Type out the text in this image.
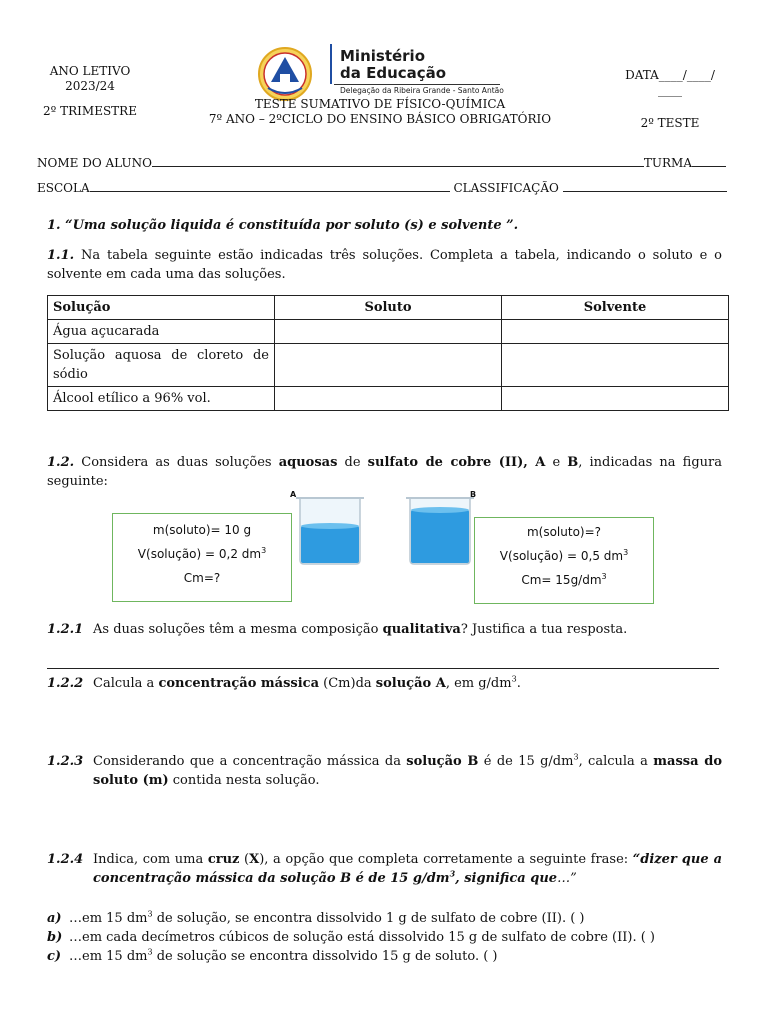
ANO LETIVO
2023/24
2º TRIMESTRE
Ministério
da Educação
Delegação da Ribeira Grande - Santo Antão
TESTE SUMATIVO DE FÍSICO-QUÍMICA
7º ANO – 2ºCICLO DO ENSINO BÁSICO OBRIGATÓRIO
DATA____/____/
____
2º TESTE
NOME DO ALUNO	TURMA
ESCOLA	CLASSIFICAÇÃO
1. “Uma solução liquida é constituída por soluto (s) e solvente ”.
1.1. Na tabela seguinte estão indicadas três soluções. Completa a tabela, indicando o soluto e o solvente em cada uma das soluções.
Solução	Soluto	Solvente
Água açucarada		
Solução aquosa de cloreto de sódio		
Álcool etílico a 96% vol.		
1.2. Considera as duas soluções aquosas de sulfato de cobre (II), A e B, indicadas na figura seguinte:
A	B
m(soluto)= 10 g
V(solução) = 0,2 $dm^3$
Cm=?
m(soluto)=?
V(solução) = 0,5 $dm^3$
$Cm= 15g/dm^3$
1.2.1 As duas soluções têm a mesma composição qualitativa? Justifica a tua resposta.
1.2.2 Calcula a concentração mássica (Cm)da solução A, em $g/dm^3$.
1.2.3 Considerando que a concentração mássica da solução B é de 15 $g/dm^3$, calcula a massa do soluto (m) contida nesta solução.
1.2.4 Indica, com uma cruz (X), a opção que completa corretamente a seguinte frase: “dizer que a concentração mássica da solução B é de 15 $g/dm^3$, significa que…”
a) …em 15 $dm^3$ de solução, se encontra dissolvido 1 g de sulfato de cobre (II). ( )
b) …em cada decímetros cúbicos de solução está dissolvido 15 g de sulfato de cobre (II). ( )
c) …em 15 $dm^3$ de solução se encontra dissolvido 15 g de soluto. ( )
